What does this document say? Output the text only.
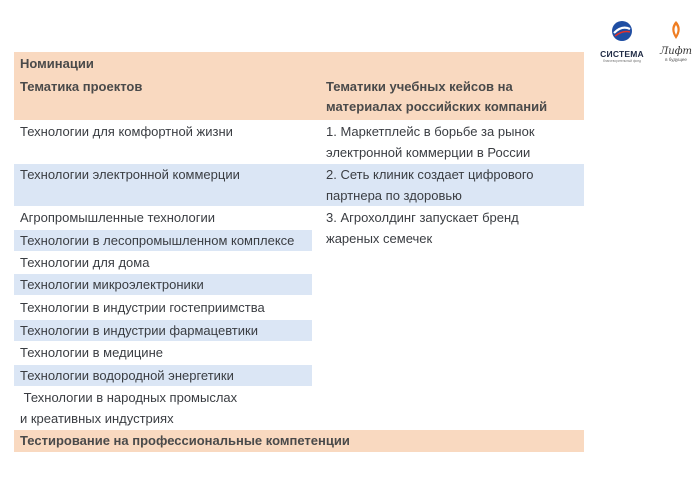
СИСТЕМА
благотворительный фонд
Лифт
в будущее
Номинации
Тематика проектов	Тематики учебных кейсов на
материалах российских компаний
Технологии для комфортной жизни
Технологии электронной коммерции
Агропромышленные технологии
Технологии в лесопромышленном комплексе
Технологии для дома
Технологии микроэлектроники
Технологии в индустрии гостеприимства
Технологии в индустрии фармацевтики
Технологии в медицине
Технологии водородной энергетики
Технологии в народных промыслах
и креативных индустриях
1. Маркетплейс в борьбе за рынок
электронной коммерции в России
2. Сеть клиник создает цифрового
партнера по здоровью
3. Агрохолдинг запускает бренд
жареных семечек
Тестирование на профессиональные компетенции
